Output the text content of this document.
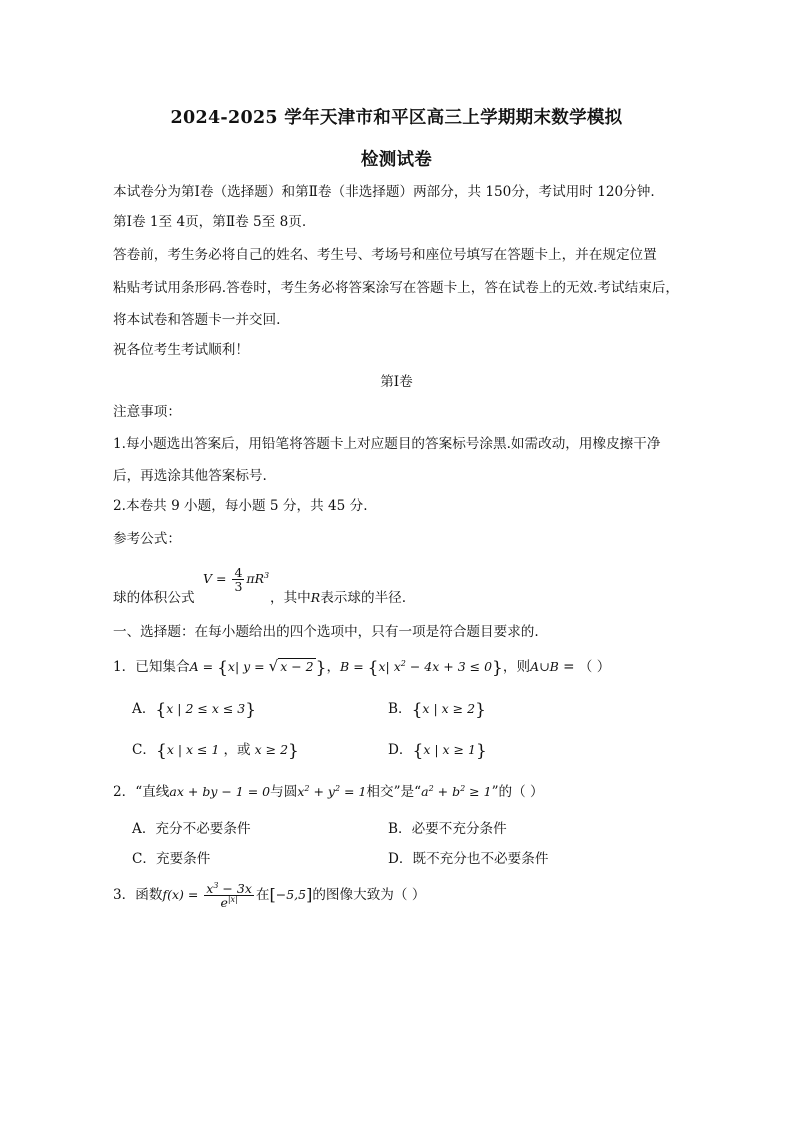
2024-2025 学年天津市和平区高三上学期期末数学模拟
检测试卷
本试卷分为第Ⅰ卷（选择题）和第Ⅱ卷（非选择题）两部分，共 150分，考试用时 120分钟.
第Ⅰ卷 1至 4页，第Ⅱ卷 5至 8页.
答卷前，考生务必将自己的姓名、考生号、考场号和座位号填写在答题卡上，并在规定位置
粘贴考试用条形码.答卷时，考生务必将答案涂写在答题卡上，答在试卷上的无效.考试结束后，
将本试卷和答题卡一并交回.
祝各位考生考试顺利！
第Ⅰ卷
注意事项：
1.每小题选出答案后，用铅笔将答题卡上对应题目的答案标号涂黑.如需改动，用橡皮擦干净
后，再选涂其他答案标号.
2.本卷共 9 小题，每小题 5 分，共 45 分.
参考公式：
球的体积公式
$V = \frac{4}{3} \pi R^3$
，其中R表示球的半径.
一、选择题：在每小题给出的四个选项中，只有一项是符合题目要求的.
1．已知集合A = {x| y = √ x − 2 }，B = {x| $x^2 - 4x + 3 \le 0$}，则A∪B = （ ）
A．{x | 2 ≤ x ≤ 3}	B．{x | x ≥ 2}
C．{x | x ≤ 1 ，或 x ≥ 2}	D．{x | x ≥ 1}
2．“直线ax + by − 1 = 0与圆$x^2 + y^2 = 1$相交”是“$a^2 + b^2 \ge 1$”的（ ）
A．充分不必要条件	B．必要不充分条件
C．充要条件	D．既不充分也不必要条件
3．函数$f(x) = \frac{x^3 - 3x}{e^{|x|}}$ 在[−5,5]的图像大致为（ ）
